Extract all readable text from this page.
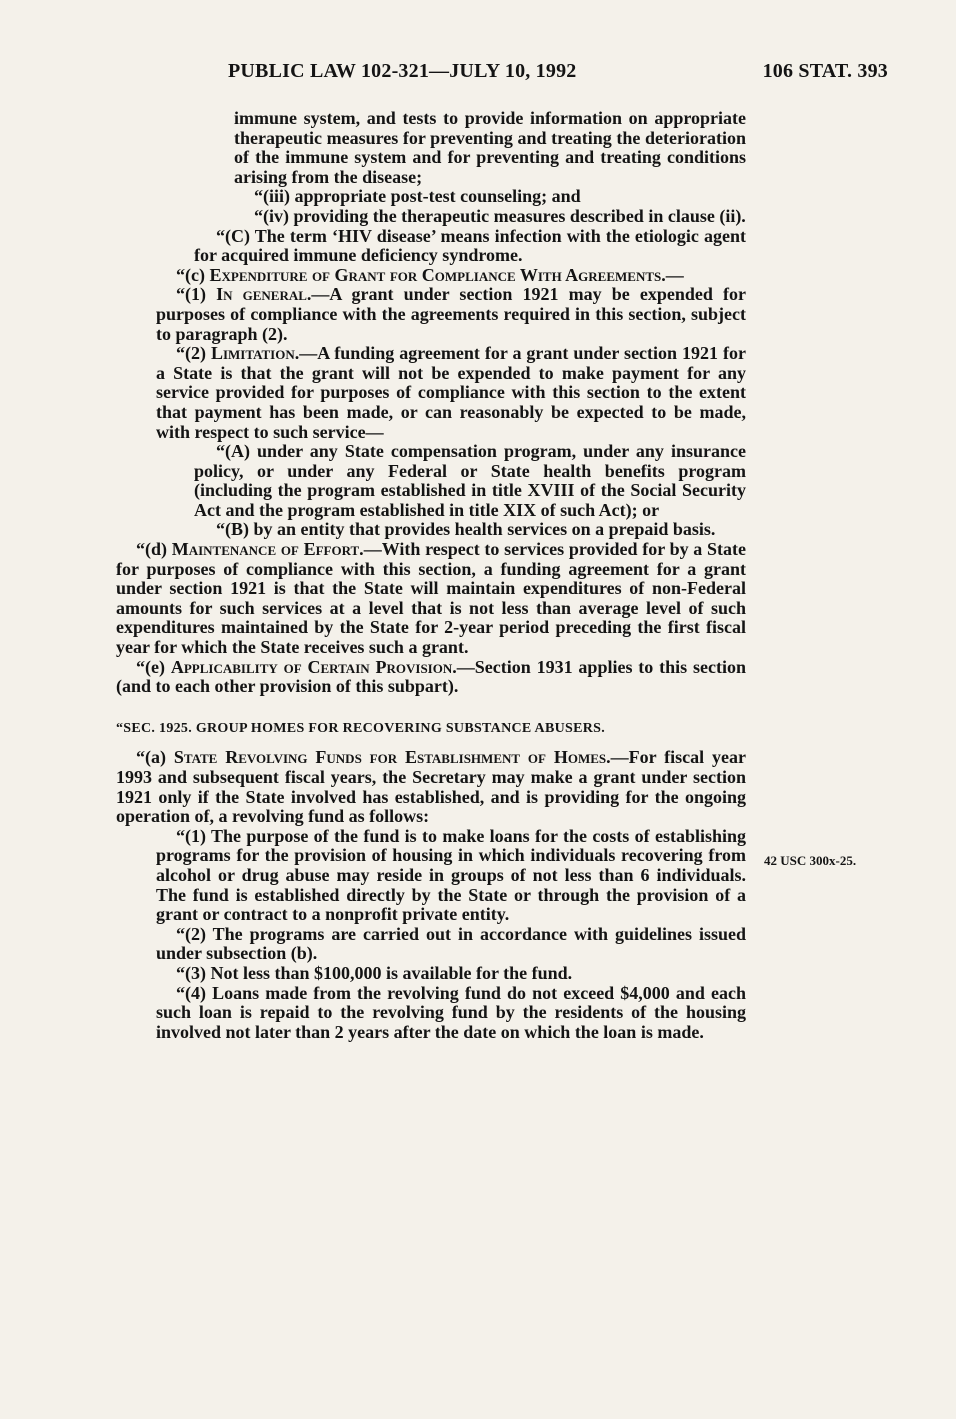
PUBLIC LAW 102-321—JULY 10, 1992	106 STAT. 393

immune system, and tests to provide information on appropriate therapeutic measures for preventing and treating the deterioration of the immune system and for preventing and treating conditions arising from the disease;

“(iii) appropriate post-test counseling; and

“(iv) providing the therapeutic measures described in clause (ii).

“(C) The term ‘HIV disease’ means infection with the etiologic agent for acquired immune deficiency syndrome.

“(c) Expenditure of Grant for Compliance With Agreements.—

“(1) In general.—A grant under section 1921 may be expended for purposes of compliance with the agreements required in this section, subject to paragraph (2).

“(2) Limitation.—A funding agreement for a grant under section 1921 for a State is that the grant will not be expended to make payment for any service provided for purposes of compliance with this section to the extent that payment has been made, or can reasonably be expected to be made, with respect to such service—

“(A) under any State compensation program, under any insurance policy, or under any Federal or State health benefits program (including the program established in title XVIII of the Social Security Act and the program established in title XIX of such Act); or

“(B) by an entity that provides health services on a prepaid basis.

“(d) Maintenance of Effort.—With respect to services provided for by a State for purposes of compliance with this section, a funding agreement for a grant under section 1921 is that the State will maintain expenditures of non-Federal amounts for such services at a level that is not less than average level of such expenditures maintained by the State for 2-year period preceding the first fiscal year for which the State receives such a grant.

“(e) Applicability of Certain Provision.—Section 1931 applies to this section (and to each other provision of this subpart).

“SEC. 1925. GROUP HOMES FOR RECOVERING SUBSTANCE ABUSERS.

“(a) State Revolving Funds for Establishment of Homes.—For fiscal year 1993 and subsequent fiscal years, the Secretary may make a grant under section 1921 only if the State involved has established, and is providing for the ongoing operation of, a revolving fund as follows:

“(1) The purpose of the fund is to make loans for the costs of establishing programs for the provision of housing in which individuals recovering from alcohol or drug abuse may reside in groups of not less than 6 individuals. The fund is established directly by the State or through the provision of a grant or contract to a nonprofit private entity.

“(2) The programs are carried out in accordance with guidelines issued under subsection (b).

“(3) Not less than $100,000 is available for the fund.

“(4) Loans made from the revolving fund do not exceed $4,000 and each such loan is repaid to the revolving fund by the residents of the housing involved not later than 2 years after the date on which the loan is made.

42 USC 300x-25.
